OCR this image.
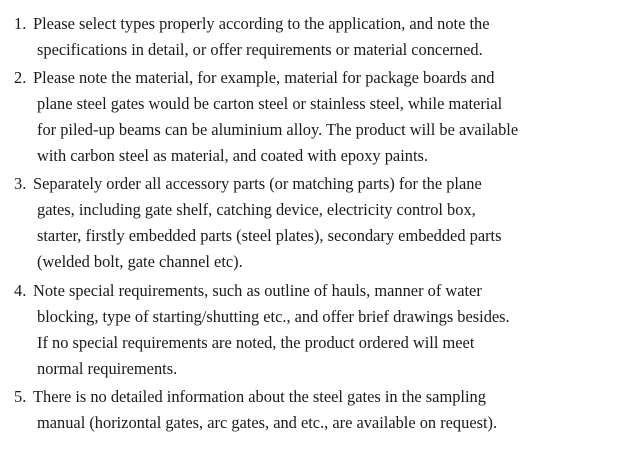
1. Please select types properly according to the application, and note the
specifications in detail, or offer requirements or material concerned.
2. Please note the material, for example, material for package boards and
plane steel gates would be carton steel or stainless steel, while material
for piled-up beams can be aluminium alloy. The product will be available
with carbon steel as material, and coated with epoxy paints.
3. Separately order all accessory parts (or matching parts) for the plane
gates, including gate shelf, catching device, electricity control box,
starter, firstly embedded parts (steel plates), secondary embedded parts
(welded bolt, gate channel etc).
4. Note special requirements, such as outline of hauls, manner of water
blocking, type of starting/shutting etc., and offer brief drawings besides.
If no special requirements are noted, the product ordered will meet
normal requirements.
5. There is no detailed information about the steel gates in the sampling
manual (horizontal gates, arc gates, and etc., are available on request).
